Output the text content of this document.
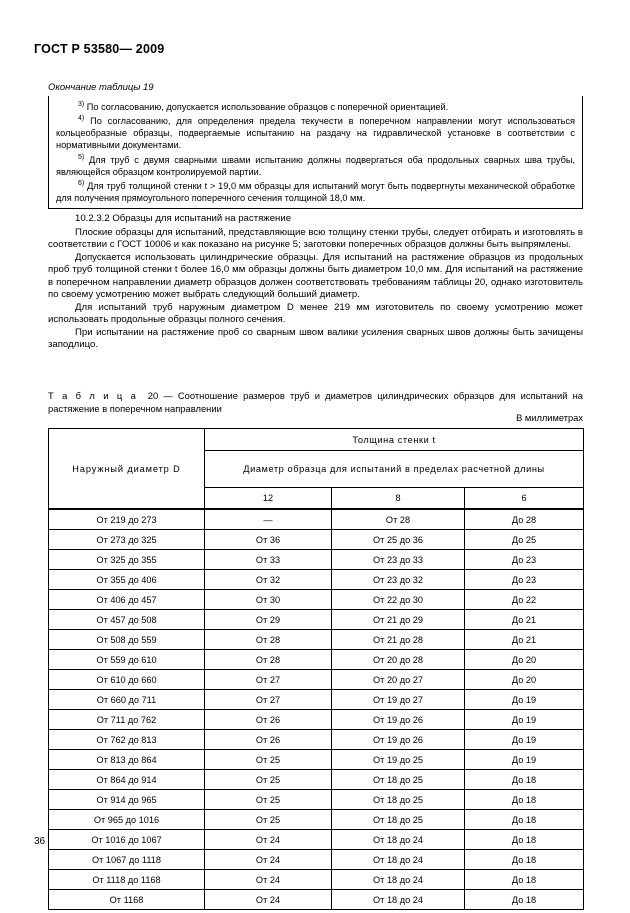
ГОСТ Р 53580— 2009
Окончание таблицы 19

$^{3)}$ По согласованию, допускается использование образцов с поперечной ориентацией.

$^{4)}$ По согласованию, для определения предела текучести в поперечном направлении могут использоваться кольцеобразные образцы, подвергаемые испытанию на раздачу на гидравлической установке в соответствии с нормативными документами.

$^{5)}$ Для труб с двумя сварными швами испытанию должны подвергаться оба продольных сварных шва трубы, являющейся образцом контролируемой партии.

$^{6)}$ Для труб толщиной стенки t > 19,0 мм образцы для испытаний могут быть подвергнуты механической обработке для получения прямоугольного поперечного сечения толщиной 18,0 мм.

10.2.3.2 Образцы для испытаний на растяжение

Плоские образцы для испытаний, представляющие всю толщину стенки трубы, следует отбирать и изготовлять в соответствии с ГОСТ 10006 и как показано на рисунке 5; заготовки поперечных образцов должны быть выпрямлены.

Допускается использовать цилиндрические образцы. Для испытаний на растяжение образцов из продольных проб труб толщиной стенки t более 16,0 мм образцы должны быть диаметром 10,0 мм. Для испытаний на растяжение в поперечном направлении диаметр образцов должен соответствовать требованиям таблицы 20, однако изготовитель по своему усмотрению может выбрать следующий больший диаметр.

Для испытаний труб наружным диаметром D менее 219 мм изготовитель по своему усмотрению может использовать продольные образцы полного сечения.

При испытании на растяжение проб со сварным швом валики усиления сварных швов должны быть зачищены заподлицо.

Т а б л и ц а 20 — Соотношение размеров труб и диаметров цилиндрических образцов для испытаний на растяжение в поперечном направлении
В миллиметрах
Наружный диаметр D	Толщина стенки t		
	Диаметр образца для испытаний в пределах расчетной длины		
	12	8	6
От 219 до 273	—	От 28	До 28
От 273 до 325	От 36	От 25 до 36	До 25
От 325 до 355	От 33	От 23 до 33	До 23
От 355 до 406	От 32	От 23 до 32	До 23
От 406 до 457	От 30	От 22 до 30	До 22
От 457 до 508	От 29	От 21 до 29	До 21
От 508 до 559	От 28	От 21 до 28	До 21
От 559 до 610	От 28	От 20 до 28	До 20
От 610 до 660	От 27	От 20 до 27	До 20
От 660 до 711	От 27	От 19 до 27	До 19
От 711 до 762	От 26	От 19 до 26	До 19
От 762 до 813	От 26	От 19 до 26	До 19
От 813 до 864	От 25	От 19 до 25	До 19
От 864 до 914	От 25	От 18 до 25	До 18
От 914 до 965	От 25	От 18 до 25	До 18
От 965 до 1016	От 25	От 18 до 25	До 18
От 1016 до 1067	От 24	От 18 до 24	До 18
От 1067 до 1118	От 24	От 18 до 24	До 18
От 1118 до 1168	От 24	От 18 до 24	До 18
От 1168	От 24	От 18 до 24	До 18
36
